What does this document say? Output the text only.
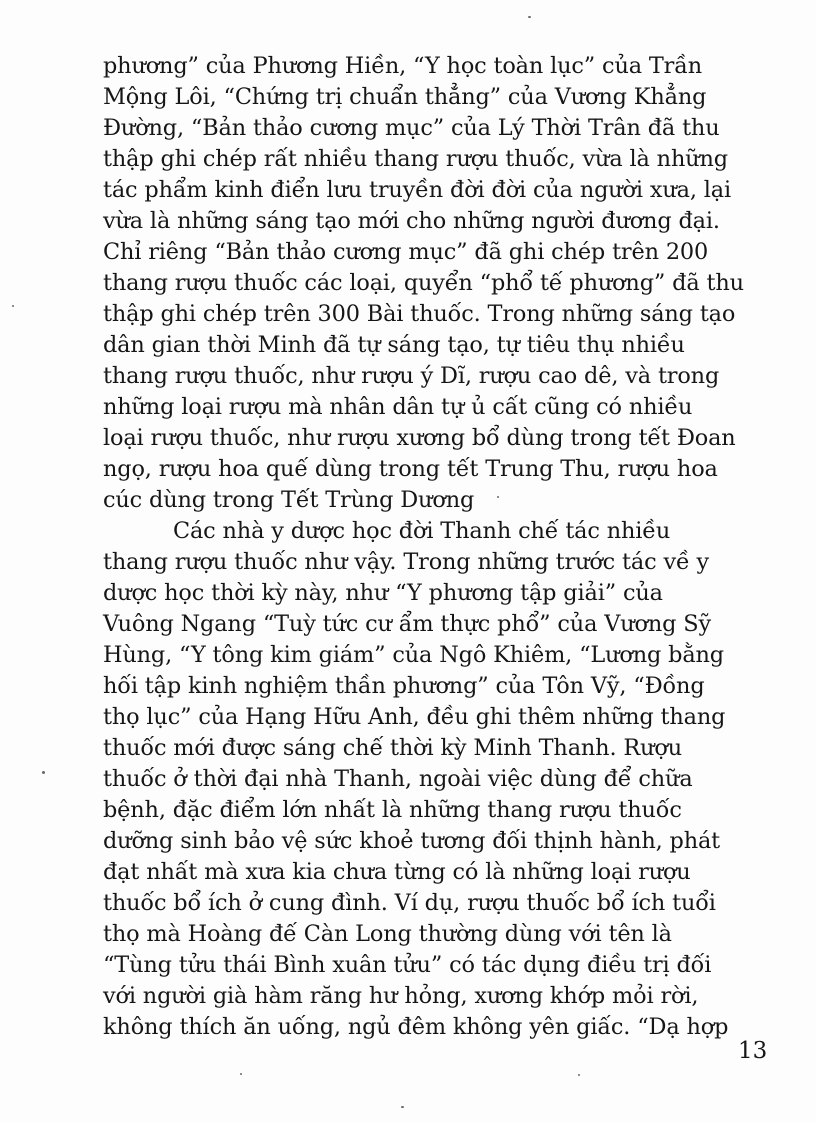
phương” của Phương Hiền, “Y học toàn lục” của Trần
Mộng Lôi, “Chứng trị chuẩn thẳng” của Vương Khẳng
Đường, “Bản thảo cương mục” của Lý Thời Trân đã thu
thập ghi chép rất nhiều thang rượu thuốc, vừa là những
tác phẩm kinh điển lưu truyền đời đời của người xưa, lại
vừa là những sáng tạo mới cho những người đương đại.
Chỉ riêng “Bản thảo cương mục” đã ghi chép trên 200
thang rượu thuốc các loại, quyển “phổ tế phương” đã thu
thập ghi chép trên 300 Bài thuốc. Trong những sáng tạo
dân gian thời Minh đã tự sáng tạo, tự tiêu thụ nhiều
thang rượu thuốc, như rượu ý Dĩ, rượu cao dê, và trong
những loại rượu mà nhân dân tự ủ cất cũng có nhiều
loại rượu thuốc, như rượu xương bổ dùng trong tết Đoan
ngọ, rượu hoa quế dùng trong tết Trung Thu, rượu hoa
cúc dùng trong Tết Trùng Dương
Các nhà y dược học đời Thanh chế tác nhiều
thang rượu thuốc như vậy. Trong những trước tác về y
dược học thời kỳ này, như “Y phương tập giải” của
Vuông Ngang “Tuỳ tức cư ẩm thực phổ” của Vương Sỹ
Hùng, “Y tông kim giám” của Ngô Khiêm, “Lương bằng
hối tập kinh nghiệm thần phương” của Tôn Vỹ, “Đồng
thọ lục” của Hạng Hữu Anh, đều ghi thêm những thang
thuốc mới được sáng chế thời kỳ Minh Thanh. Rượu
thuốc ở thời đại nhà Thanh, ngoài việc dùng để chữa
bệnh, đặc điểm lớn nhất là những thang rượu thuốc
dưỡng sinh bảo vệ sức khoẻ tương đối thịnh hành, phát
đạt nhất mà xưa kia chưa từng có là những loại rượu
thuốc bổ ích ở cung đình. Ví dụ, rượu thuốc bổ ích tuổi
thọ mà Hoàng đế Càn Long thường dùng với tên là
“Tùng tửu thái Bình xuân tửu” có tác dụng điều trị đối
với người già hàm răng hư hỏng, xương khớp mỏi rời,
không thích ăn uống, ngủ đêm không yên giấc. “Dạ hợp
13
